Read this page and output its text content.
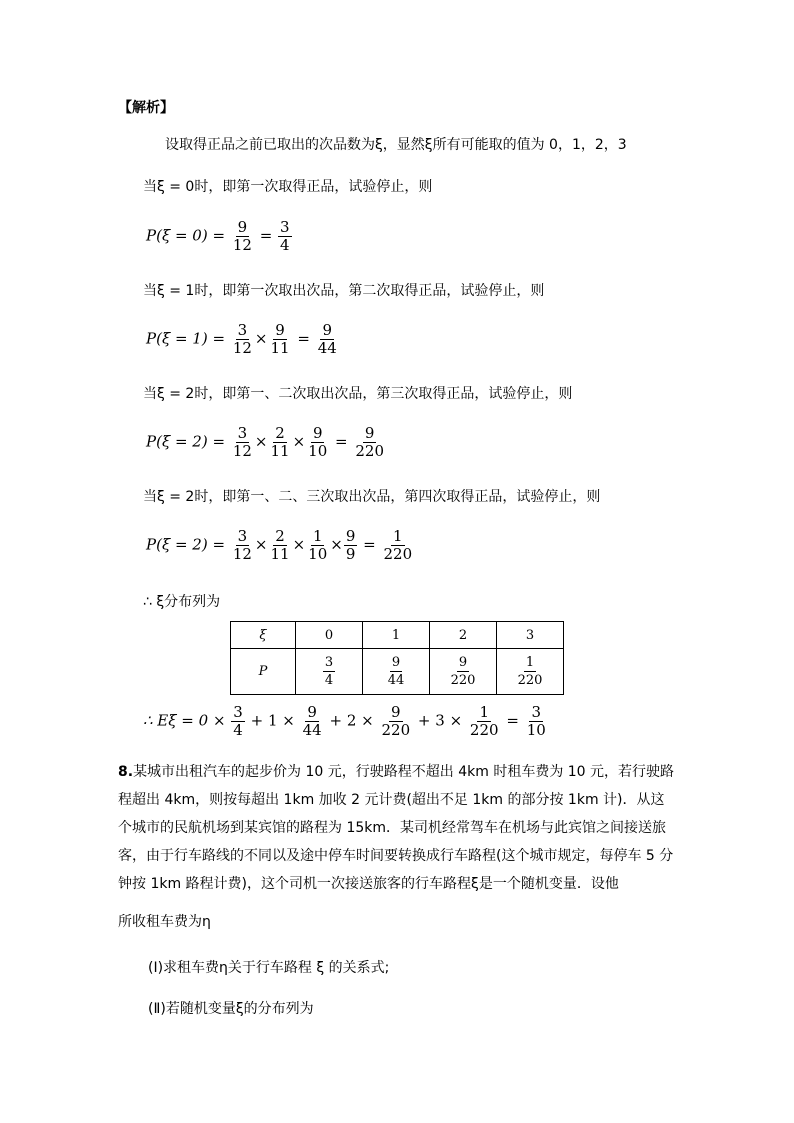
【解析】
设取得正品之前已取出的次品数为ξ，显然ξ所有可能取的值为 0，1，2，3
当ξ = 0时，即第一次取得正品，试验停止，则
$P(\xi = 0) = \frac{9}{12} = \frac{3}{4}$
当ξ = 1时，即第一次取出次品，第二次取得正品，试验停止，则
$P(\xi = 1) = \frac{3}{12} \times \frac{9}{11} = \frac{9}{44}$
当ξ = 2时，即第一、二次取出次品，第三次取得正品，试验停止，则
$P(\xi = 2) = \frac{3}{12} \times \frac{2}{11} \times \frac{9}{10} = \frac{9}{220}$
当ξ = 2时，即第一、二、三次取出次品，第四次取得正品，试验停止，则
$P(\xi = 2) = \frac{3}{12} \times \frac{2}{11} \times \frac{1}{10} \times \frac{9}{9} = \frac{1}{220}$
∴ ξ分布列为
ξ	0	1	2	3
P	$\frac{3}{4}$	$\frac{9}{44}$	$\frac{9}{220}$	$\frac{1}{220}$
∴ $E\xi = 0 \times \frac{3}{4} + 1 \times \frac{9}{44} + 2 \times \frac{9}{220} + 3 \times \frac{1}{220} = \frac{3}{10}$
8.某城市出租汽车的起步价为 10 元，行驶路程不超出 4km 时租车费为 10 元，若行驶路程超出 4km，则按每超出 1km 加收 2 元计费(超出不足 1km 的部分按 1km 计)．从这个城市的民航机场到某宾馆的路程为 15km．某司机经常驾车在机场与此宾馆之间接送旅客，由于行车路线的不同以及途中停车时间要转换成行车路程(这个城市规定，每停车 5 分钟按 1km 路程计费)，这个司机一次接送旅客的行车路程ξ是一个随机变量．设他
所收租车费为η
(Ⅰ)求租车费η关于行车路程 ξ 的关系式;
(Ⅱ)若随机变量ξ的分布列为
